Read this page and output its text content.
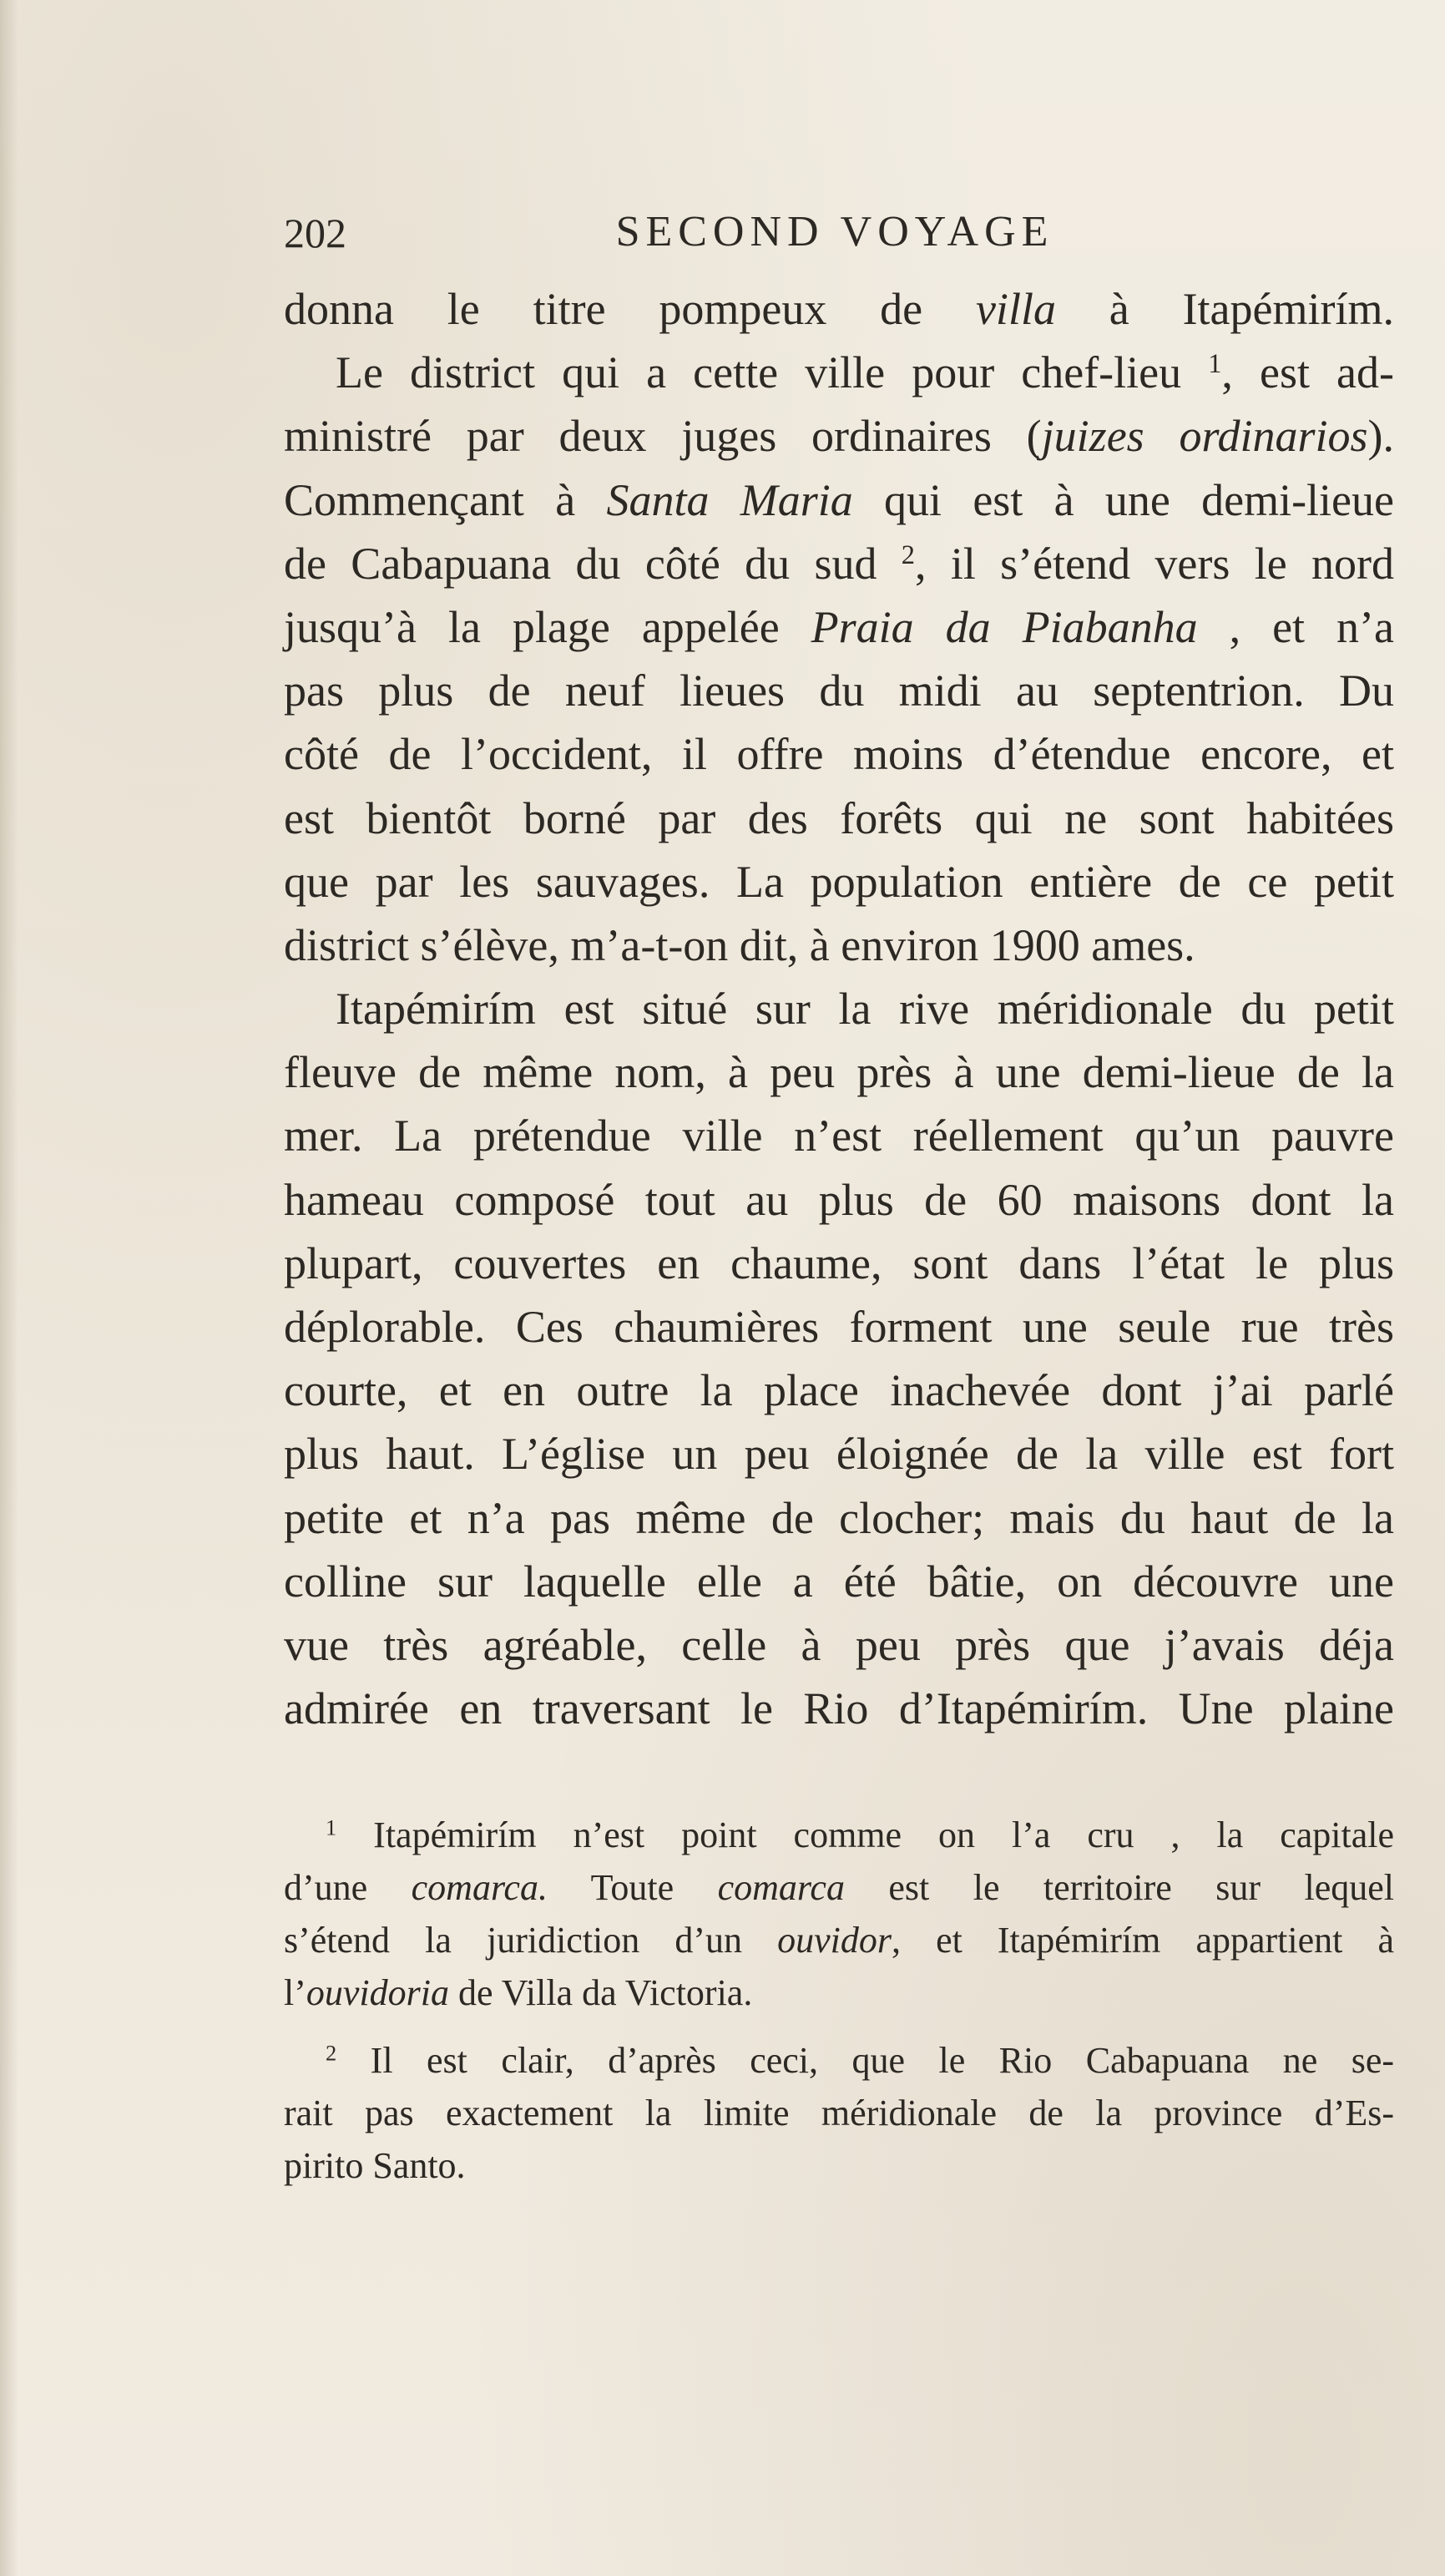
202	SECOND VOYAGE
donna le titre pompeux de villa à Itapémirím.
Le district qui a cette ville pour chef-lieu $^1$, est ad-
ministré par deux juges ordinaires (juizes ordinarios).
Commençant à Santa Maria qui est à une demi-lieue
de Cabapuana du côté du sud $^2$, il s’étend vers le nord
jusqu’à la plage appelée Praia da Piabanha , et n’a
pas plus de neuf lieues du midi au septentrion. Du
côté de l’occident, il offre moins d’étendue encore, et
est bientôt borné par des forêts qui ne sont habitées
que par les sauvages. La population entière de ce petit
district s’élève, m’a-t-on dit, à environ 1900 ames.
Itapémirím est situé sur la rive méridionale du petit
fleuve de même nom, à peu près à une demi-lieue de la
mer. La prétendue ville n’est réellement qu’un pauvre
hameau composé tout au plus de 60 maisons dont la
plupart, couvertes en chaume, sont dans l’état le plus
déplorable. Ces chaumières forment une seule rue très
courte, et en outre la place inachevée dont j’ai parlé
plus haut. L’église un peu éloignée de la ville est fort
petite et n’a pas même de clocher; mais du haut de la
colline sur laquelle elle a été bâtie, on découvre une
vue très agréable, celle à peu près que j’avais déja
admirée en traversant le Rio d’Itapémirím. Une plaine
$^1$ Itapémirím n’est point comme on l’a cru , la capitale
d’une comarca. Toute comarca est le territoire sur lequel
s’étend la juridiction d’un ouvidor, et Itapémirím appartient à
l’ouvidoria de Villa da Victoria.
$^2$ Il est clair, d’après ceci, que le Rio Cabapuana ne se-
rait pas exactement la limite méridionale de la province d’Es-
pirito Santo.
